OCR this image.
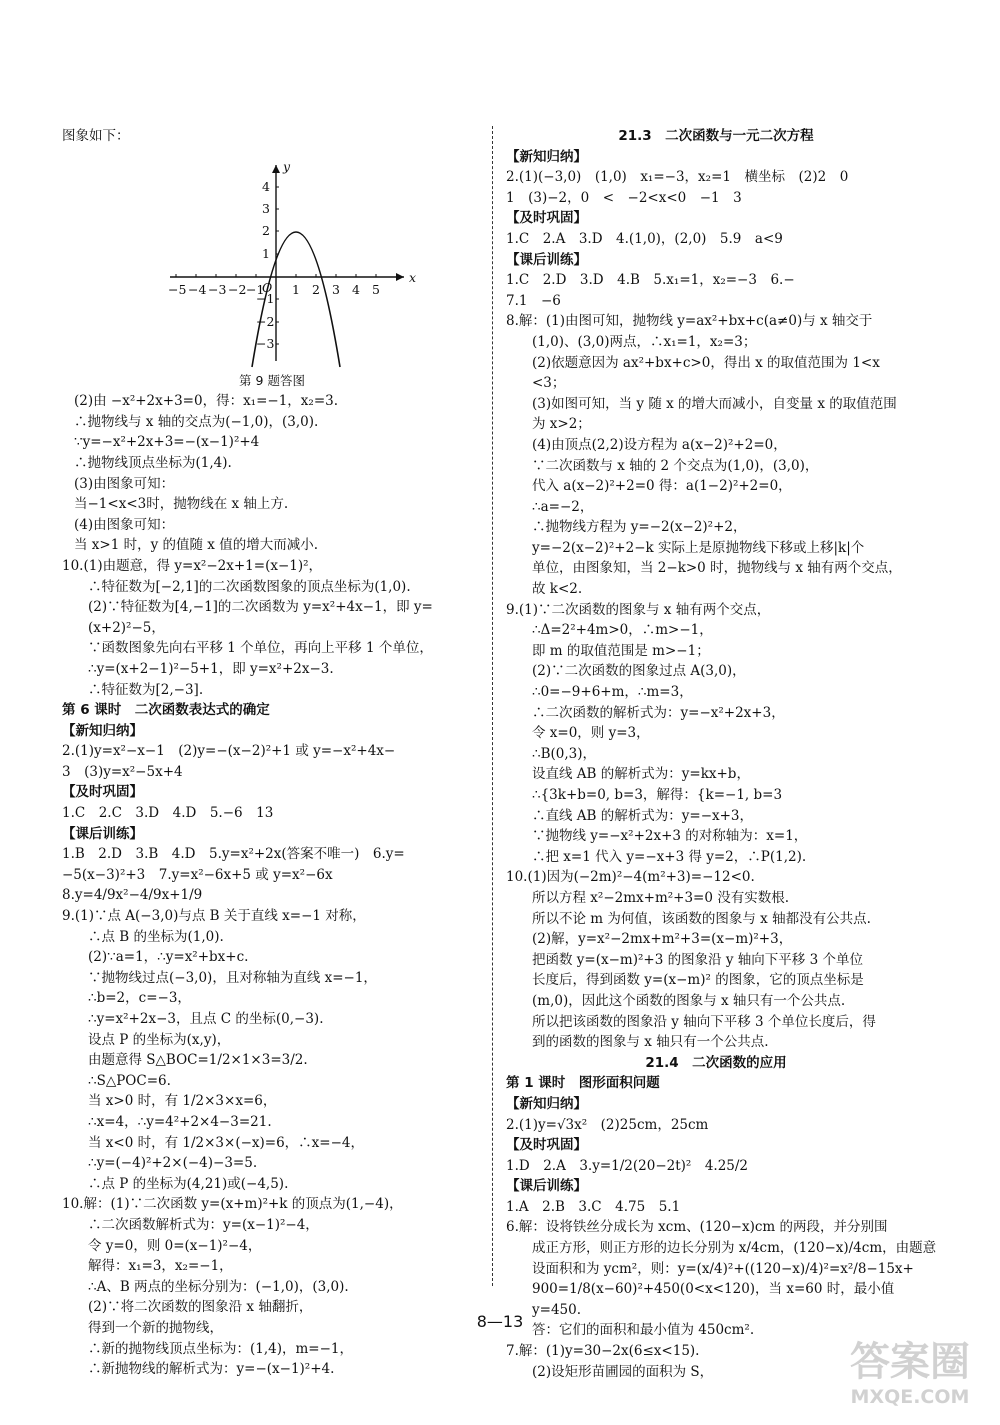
图象如下：
x
y
O
−5 −4 −3 −2 −1 1 2 3 4 5
4
3
2
1
−1
−2
−3
第 9 题答图
(2)由 −x²+2x+3=0，得：x₁=−1，x₂=3.
∴抛物线与 x 轴的交点为(−1,0)，(3,0).
∵y=−x²+2x+3=−(x−1)²+4
∴抛物线顶点坐标为(1,4).
(3)由图象可知：
当−1<x<3时，抛物线在 x 轴上方.
(4)由图象可知：
当 x>1 时，y 的值随 x 值的增大而减小.
10.(1)由题意，得 y=x²−2x+1=(x−1)²，
∴特征数为[−2,1]的二次函数图象的顶点坐标为(1,0).
(2)∵特征数为[4,−1]的二次函数为 y=x²+4x−1，即 y=
(x+2)²−5，
∵函数图象先向右平移 1 个单位，再向上平移 1 个单位，
∴y=(x+2−1)²−5+1，即 y=x²+2x−3.
∴特征数为[2,−3].
第 6 课时　二次函数表达式的确定
【新知归纳】
2.(1)y=x²−x−1　(2)y=−(x−2)²+1 或 y=−x²+4x−
3　(3)y=x²−5x+4
【及时巩固】
1.C　2.C　3.D　4.D　5.−6　13
【课后训练】
1.B　2.D　3.B　4.D　5.y=x²+2x(答案不唯一)　6.y=
−5(x−3)²+3　7.y=x²−6x+5 或 y=x²−6x
8.y=4/9x²−4/9x+1/9
9.(1)∵点 A(−3,0)与点 B 关于直线 x=−1 对称，
∴点 B 的坐标为(1,0).
(2)∵a=1，∴y=x²+bx+c.
∵抛物线过点(−3,0)，且对称轴为直线 x=−1，
∴b=2，c=−3，
∴y=x²+2x−3，且点 C 的坐标(0,−3).
设点 P 的坐标为(x,y)，
由题意得 S△BOC=1/2×1×3=3/2.
∴S△POC=6.
当 x>0 时，有 1/2×3×x=6，
∴x=4，∴y=4²+2×4−3=21.
当 x<0 时，有 1/2×3×(−x)=6，∴x=−4，
∴y=(−4)²+2×(−4)−3=5.
∴点 P 的坐标为(4,21)或(−4,5).
10.解：(1)∵二次函数 y=(x+m)²+k 的顶点为(1,−4)，
∴二次函数解析式为：y=(x−1)²−4，
令 y=0，则 0=(x−1)²−4，
解得：x₁=3，x₂=−1，
∴A、B 两点的坐标分别为：(−1,0)，(3,0).
(2)∵将二次函数的图象沿 x 轴翻折，
得到一个新的抛物线，
∴新的抛物线顶点坐标为：(1,4)，m=−1，
∴新抛物线的解析式为：y=−(x−1)²+4.
21.3　二次函数与一元二次方程
【新知归纳】
2.(1)(−3,0)　(1,0)　x₁=−3，x₂=1　横坐标　(2)2　0
1　(3)−2，0　<　−2<x<0　−1　3
【及时巩固】
1.C　2.A　3.D　4.(1,0)，(2,0)　5.9　a<9
【课后训练】
1.C　2.D　3.D　4.B　5.x₁=1，x₂=−3　6.−
7.1　−6
8.解：(1)由图可知，抛物线 y=ax²+bx+c(a≠0)与 x 轴交于
(1,0)、(3,0)两点，∴x₁=1，x₂=3；
(2)依题意因为 ax²+bx+c>0，得出 x 的取值范围为 1<x
<3；
(3)如图可知，当 y 随 x 的增大而减小，自变量 x 的取值范围
为 x>2；
(4)由顶点(2,2)设方程为 a(x−2)²+2=0，
∵二次函数与 x 轴的 2 个交点为(1,0)，(3,0)，
代入 a(x−2)²+2=0 得：a(1−2)²+2=0，
∴a=−2，
∴抛物线方程为 y=−2(x−2)²+2，
y=−2(x−2)²+2−k 实际上是原抛物线下移或上移|k|个
单位，由图象知，当 2−k>0 时，抛物线与 x 轴有两个交点，
故 k<2.
9.(1)∵二次函数的图象与 x 轴有两个交点，
∴Δ=2²+4m>0，∴m>−1，
即 m 的取值范围是 m>−1；
(2)∵二次函数的图象过点 A(3,0)，
∴0=−9+6+m，∴m=3，
∴二次函数的解析式为：y=−x²+2x+3，
令 x=0，则 y=3，
∴B(0,3)，
设直线 AB 的解析式为：y=kx+b，
∴{3k+b=0, b=3，解得：{k=−1, b=3
∴直线 AB 的解析式为：y=−x+3，
∵抛物线 y=−x²+2x+3 的对称轴为：x=1，
∴把 x=1 代入 y=−x+3 得 y=2，∴P(1,2).
10.(1)因为(−2m)²−4(m²+3)=−12<0.
所以方程 x²−2mx+m²+3=0 没有实数根.
所以不论 m 为何值，该函数的图象与 x 轴都没有公共点.
(2)解，y=x²−2mx+m²+3=(x−m)²+3，
把函数 y=(x−m)²+3 的图象沿 y 轴向下平移 3 个单位
长度后，得到函数 y=(x−m)² 的图象，它的顶点坐标是
(m,0)，因此这个函数的图象与 x 轴只有一个公共点.
所以把该函数的图象沿 y 轴向下平移 3 个单位长度后，得
到的函数的图象与 x 轴只有一个公共点.
21.4　二次函数的应用
第 1 课时　图形面积问题
【新知归纳】
2.(1)y=√3x²　(2)25cm，25cm
【及时巩固】
1.D　2.A　3.y=1/2(20−2t)²　4.25/2
【课后训练】
1.A　2.B　3.C　4.75　5.1
6.解：设将铁丝分成长为 xcm、(120−x)cm 的两段，并分别围
成正方形，则正方形的边长分别为 x/4cm，(120−x)/4cm，由题意
设面积和为 ycm²，则：y=(x/4)²+((120−x)/4)²=x²/8−15x+
900=1/8(x−60)²+450(0<x<120)，当 x=60 时，最小值
y=450.
答：它们的面积和最小值为 450cm².
7.解：(1)y=30−2x(6≤x<15).
(2)设矩形苗圃园的面积为 S，
8—13
答案圈
MXQE.COM
